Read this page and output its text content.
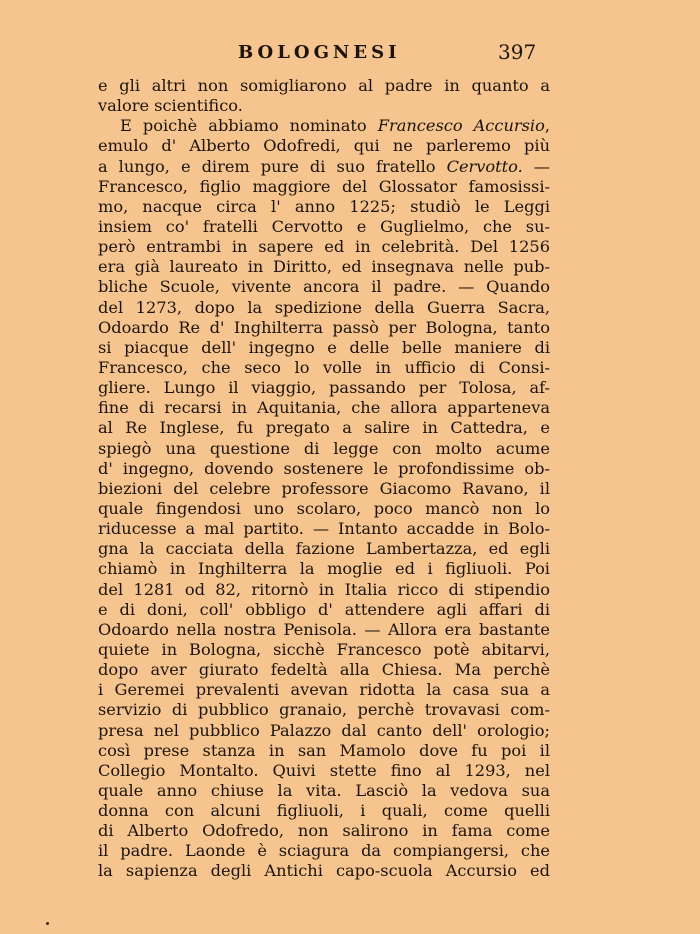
BOLOGNESI	397
e gli altri non somigliarono al padre in quanto a
valore scientifico.
E poichè abbiamo nominato Francesco Accursio,
emulo d' Alberto Odofredi, qui ne parleremo più
a lungo, e direm pure di suo fratello Cervotto. —
Francesco, figlio maggiore del Glossator famosissi-
mo, nacque circa l' anno 1225; studiò le Leggi
insiem co' fratelli Cervotto e Guglielmo, che su-
però entrambi in sapere ed in celebrità. Del 1256
era già laureato in Diritto, ed insegnava nelle pub-
bliche Scuole, vivente ancora il padre. — Quando
del 1273, dopo la spedizione della Guerra Sacra,
Odoardo Re d' Inghilterra passò per Bologna, tanto
si piacque dell' ingegno e delle belle maniere di
Francesco, che seco lo volle in ufficio di Consi-
gliere. Lungo il viaggio, passando per Tolosa, af-
fine di recarsi in Aquitania, che allora apparteneva
al Re Inglese, fu pregato a salire in Cattedra, e
spiegò una questione di legge con molto acume
d' ingegno, dovendo sostenere le profondissime ob-
biezioni del celebre professore Giacomo Ravano, il
quale fingendosi uno scolaro, poco mancò non lo
riducesse a mal partito. — Intanto accadde in Bolo-
gna la cacciata della fazione Lambertazza, ed egli
chiamò in Inghilterra la moglie ed i figliuoli. Poi
del 1281 od 82, ritornò in Italia ricco di stipendio
e di doni, coll' obbligo d' attendere agli affari di
Odoardo nella nostra Penisola. — Allora era bastante
quiete in Bologna, sicchè Francesco potè abitarvi,
dopo aver giurato fedeltà alla Chiesa. Ma perchè
i Geremei prevalenti avevan ridotta la casa sua a
servizio di pubblico granaio, perchè trovavasi com-
presa nel pubblico Palazzo dal canto dell' orologio;
così prese stanza in san Mamolo dove fu poi il
Collegio Montalto. Quivi stette fino al 1293, nel
quale anno chiuse la vita. Lasciò la vedova sua
donna con alcuni figliuoli, i quali, come quelli
di Alberto Odofredo, non salirono in fama come
il padre. Laonde è sciagura da compiangersi, che
la sapienza degli Antichi capo-scuola Accursio ed
